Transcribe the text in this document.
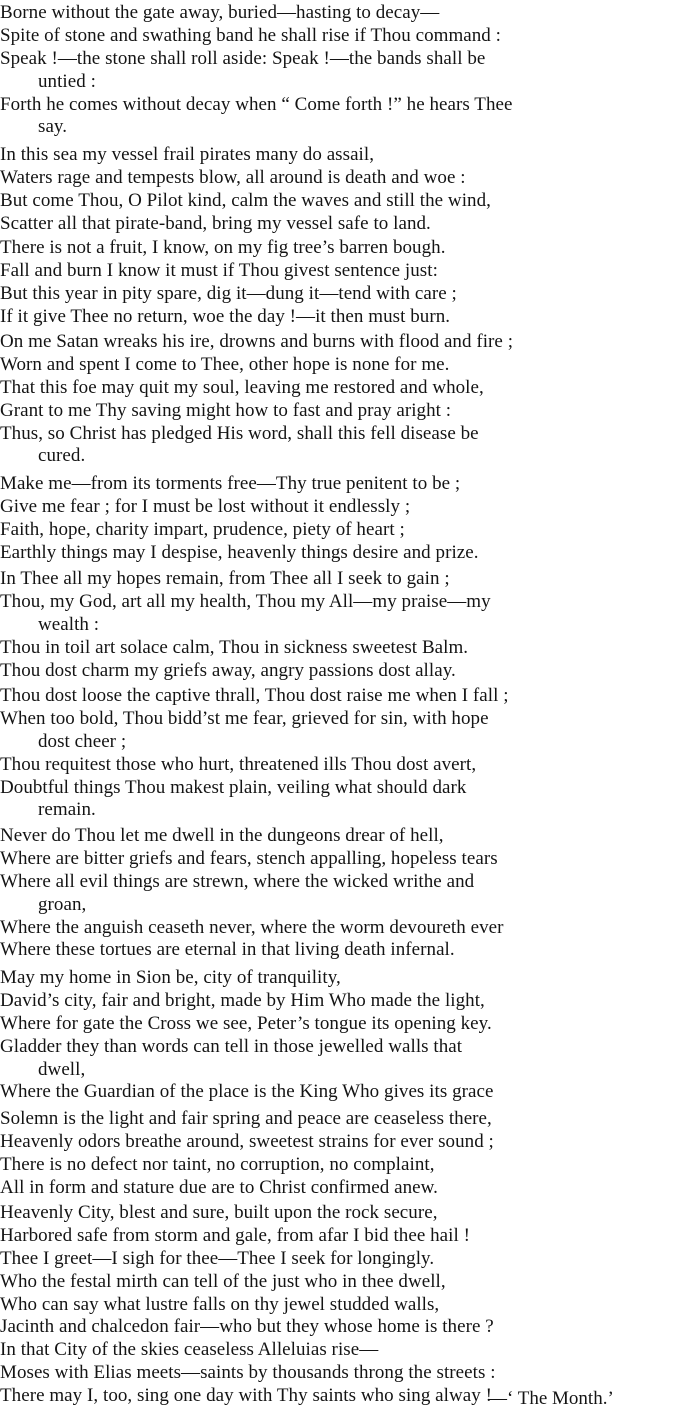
Borne without the gate away, buried—hasting to decay—
Spite of stone and swathing band he shall rise if Thou command :
Speak !—the stone shall roll aside: Speak !—the bands shall be
untied :
Forth he comes without decay when “ Come forth !” he hears Thee
say.
In this sea my vessel frail pirates many do assail,
Waters rage and tempests blow, all around is death and woe :
But come Thou, O Pilot kind, calm the waves and still the wind,
Scatter all that pirate-band, bring my vessel safe to land.
There is not a fruit, I know, on my fig tree’s barren bough.
Fall and burn I know it must if Thou givest sentence just:
But this year in pity spare, dig it—dung it—tend with care ;
If it give Thee no return, woe the day !—it then must burn.
On me Satan wreaks his ire, drowns and burns with flood and fire ;
Worn and spent I come to Thee, other hope is none for me.
That this foe may quit my soul, leaving me restored and whole,
Grant to me Thy saving might how to fast and pray aright :
Thus, so Christ has pledged His word, shall this fell disease be
cured.
Make me—from its torments free—Thy true penitent to be ;
Give me fear ; for I must be lost without it endlessly ;
Faith, hope, charity impart, prudence, piety of heart ;
Earthly things may I despise, heavenly things desire and prize.
In Thee all my hopes remain, from Thee all I seek to gain ;
Thou, my God, art all my health, Thou my All—my praise—my
wealth :
Thou in toil art solace calm, Thou in sickness sweetest Balm.
Thou dost charm my griefs away, angry passions dost allay.
Thou dost loose the captive thrall, Thou dost raise me when I fall ;
When too bold, Thou bidd’st me fear, grieved for sin, with hope
dost cheer ;
Thou requitest those who hurt, threatened ills Thou dost avert,
Doubtful things Thou makest plain, veiling what should dark
remain.
Never do Thou let me dwell in the dungeons drear of hell,
Where are bitter griefs and fears, stench appalling, hopeless tears
Where all evil things are strewn, where the wicked writhe and
groan,
Where the anguish ceaseth never, where the worm devoureth ever
Where these tortues are eternal in that living death infernal.
May my home in Sion be, city of tranquility,
David’s city, fair and bright, made by Him Who made the light,
Where for gate the Cross we see, Peter’s tongue its opening key.
Gladder they than words can tell in those jewelled walls that
dwell,
Where the Guardian of the place is the King Who gives its grace
Solemn is the light and fair spring and peace are ceaseless there,
Heavenly odors breathe around, sweetest strains for ever sound ;
There is no defect nor taint, no corruption, no complaint,
All in form and stature due are to Christ confirmed anew.
Heavenly City, blest and sure, built upon the rock secure,
Harbored safe from storm and gale, from afar I bid thee hail !
Thee I greet—I sigh for thee—Thee I seek for longingly.
Who the festal mirth can tell of the just who in thee dwell,
Who can say what lustre falls on thy jewel studded walls,
Jacinth and chalcedon fair—who but they whose home is there ?
In that City of the skies ceaseless Alleluias rise—
Moses with Elias meets—saints by thousands throng the streets :
There may I, too, sing one day with Thy saints who sing alway !
—‘ The Month.’
